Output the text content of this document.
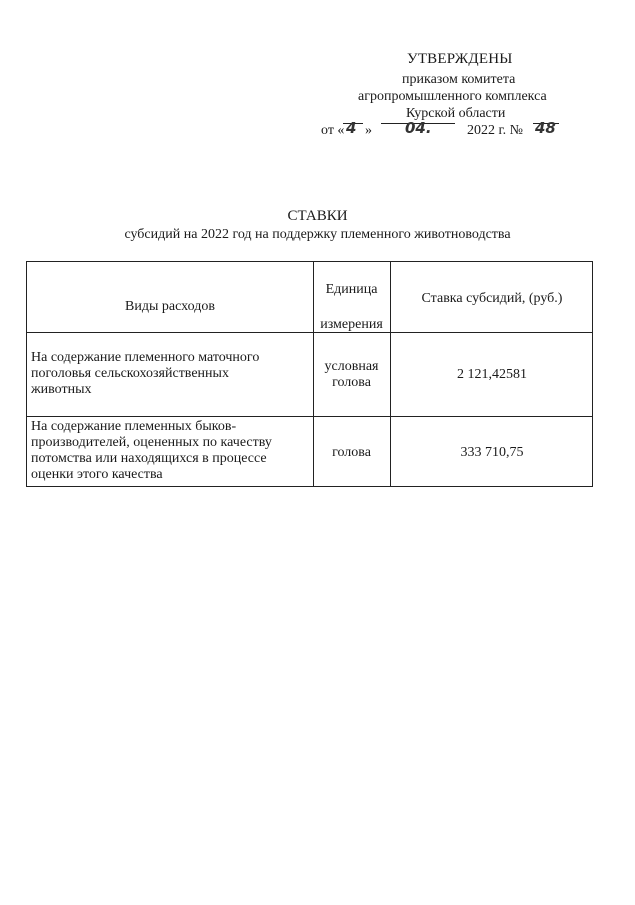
УТВЕРЖДЕНЫ
приказом комитета
агропромышленного комплекса
Курской области
от « 4 » 04.	2022 г. № 48
СТАВКИ
субсидий на 2022 год на поддержку племенного животноводства
Виды расходов
Единица
измерения
Ставка субсидий, (руб.)
На содержание племенного маточного
поголовья сельскохозяйственных
животных
условная
голова
2 121,42581
На содержание племенных быков-
производителей, оцененных по качеству
потомства или находящихся в процессе
оценки этого качества
голова	333 710,75
